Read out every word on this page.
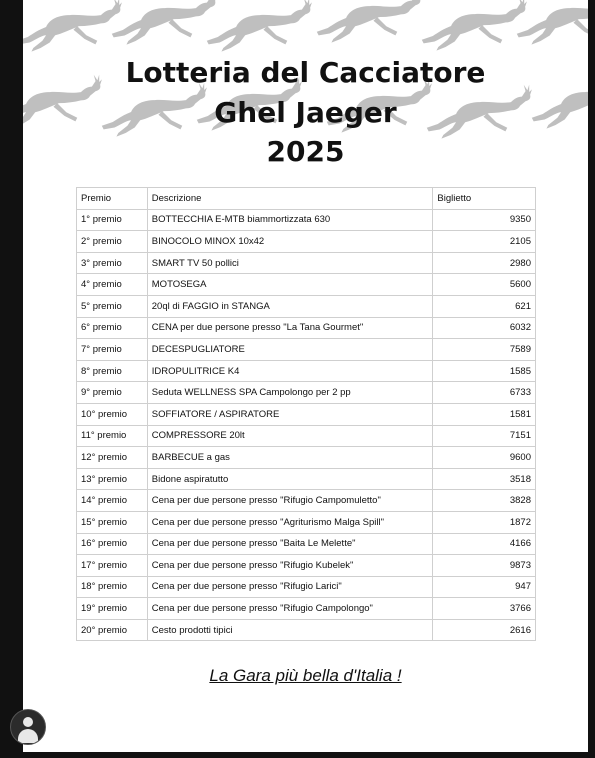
Lotteria del Cacciatore
Ghel Jaeger
2025
Premio	Descrizione	Biglietto
1° premio	BOTTECCHIA E-MTB biammortizzata 630	9350
2° premio	BINOCOLO MINOX 10x42	2105
3° premio	SMART TV 50 pollici	2980
4° premio	MOTOSEGA	5600
5° premio	20ql di FAGGIO in STANGA	621
6° premio	CENA per due persone presso "La Tana Gourmet"	6032
7° premio	DECESPUGLIATORE	7589
8° premio	IDROPULITRICE K4	1585
9° premio	Seduta WELLNESS SPA Campolongo per 2 pp	6733
10° premio	SOFFIATORE / ASPIRATORE	1581
11° premio	COMPRESSORE 20lt	7151
12° premio	BARBECUE a gas	9600
13° premio	Bidone aspiratutto	3518
14° premio	Cena per due persone presso "Rifugio Campomuletto"	3828
15° premio	Cena per due persone presso "Agriturismo Malga Spill"	1872
16° premio	Cena per due persone presso "Baita Le Melette"	4166
17° premio	Cena per due persone presso "Rifugio Kubelek"	9873
18° premio	Cena per due persone presso "Rifugio Larici"	947
19° premio	Cena per due persone presso "Rifugio Campolongo"	3766
20° premio	Cesto prodotti tipici	2616
La Gara più bella d'Italia !
